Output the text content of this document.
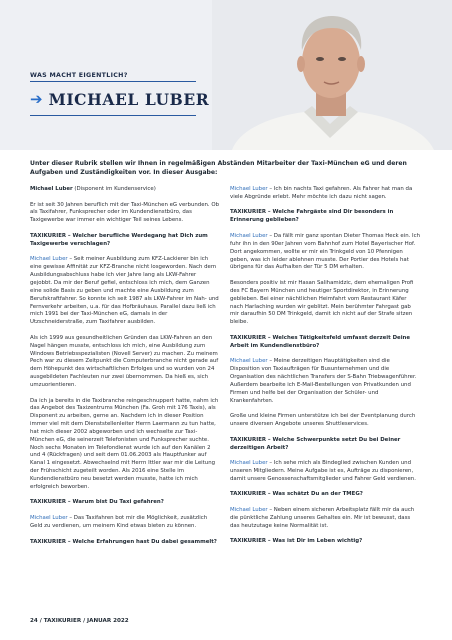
WAS MACHT EIGENTLICH?
➔ MICHAEL LUBER
Unter dieser Rubrik stellen wir Ihnen in regelmäßigen Abständen Mitarbeiter der Taxi-München eG und deren Aufgaben und Zuständigkeiten vor. In dieser Ausgabe:

Michael Luber (Disponent im Kundenservice)

Er ist seit 30 Jahren beruflich mit der Taxi-München eG verbunden. Ob als Taxifahrer, Funksprecher oder im Kundendienstbüro, das Taxigewerbe war immer ein wichtiger Teil seines Lebens.

TAXIKURIER – Welcher berufliche Werdegang hat Dich zum Taxigewerbe verschlagen?

Michael Luber – Seit meiner Ausbildung zum KFZ-Lackierer bin ich eine gewisse Affinität zur KFZ-Branche nicht losgeworden. Nach dem Ausbildungsabschluss habe ich vier Jahre lang als LKW-Fahrer gejobbt. Da mir der Beruf gefiel, entschloss ich mich, dem Ganzen eine solide Basis zu geben und machte eine Ausbildung zum Berufskraftfahrer. So konnte ich seit 1987 als LKW-Fahrer im Nah- und Fernverkehr arbeiten, u.a. für das Hofbräuhaus. Parallel dazu ließ ich mich 1991 bei der Taxi-München eG, damals in der Utzschneiderstraße, zum Taxifahrer ausbilden.

Als ich 1999 aus gesundheitlichen Gründen das LKW-Fahren an den Nagel hängen musste, entschloss ich mich, eine Ausbildung zum Windows Betriebsspezialisten (Novell Server) zu machen. Zu meinem Pech war zu diesem Zeitpunkt die Computerbranche nicht gerade auf dem Höhepunkt des wirtschaftlichen Erfolges und so wurden von 24 ausgebildeten Fachleuten nur zwei übernommen. Da hieß es, sich umzuorientieren.

Da ich ja bereits in die Taxibranche reingeschnuppert hatte, nahm ich das Angebot des Taxizentrums München (Fa. Groh mit 176 Taxis), als Disponent zu arbeiten, gerne an. Nachdem ich in dieser Position immer viel mit dem Dienststellenleiter Herrn Laermann zu tun hatte, hat mich dieser 2002 abgeworben und ich wechselte zur Taxi-München eG, die seinerzeit Telefonisten und Funksprecher suchte. Noch sechs Monaten im Telefondienst wurde ich auf den Kanälen 2 und 4 (Rückfragen) und seit dem 01.06.2003 als Hauptfunker auf Kanal 1 eingesetzt. Abwechselnd mit Herrn Ittler war mir die Leitung der Frühschicht zugeteilt worden. Als 2016 eine Stelle im Kundendienstbüro neu besetzt werden musste, hatte ich mich erfolgreich beworben.

TAXIKURIER – Warum bist Du Taxi gefahren?

Michael Luber – Das Taxifahren bot mir die Möglichkeit, zusätzlich Geld zu verdienen, um meinem Kind etwas bieten zu können.

TAXIKURIER – Welche Erfahrungen hast Du dabei gesammelt?

Michael Luber – Ich bin nachts Taxi gefahren. Als Fahrer hat man da viele Abgründe erlebt. Mehr möchte ich dazu nicht sagen.

TAXIKURIER – Welche Fahrgäste sind Dir besonders in Erinnerung geblieben?

Michael Luber – Da fällt mir ganz spontan Dieter Thomas Heck ein. Ich fuhr ihn in den 90er Jahren vom Bahnhof zum Hotel Bayerischer Hof. Dort angekommen, wollte er mir ein Trinkgeld von 10 Pfennigen geben, was ich leider ablehnen musste. Der Portier des Hotels hat übrigens für das Aufhalten der Tür 5 DM erhalten.

Besonders positiv ist mir Hasan Salihamidzic, dem ehemaligen Profi des FC Bayern München und heutiger Sportdirektor, in Erinnerung geblieben. Bei einer nächtlichen Heimfahrt vom Restaurant Käfer nach Harlaching wurden wir geblitzt. Mein berühmter Fahrgast gab mir daraufhin 50 DM Trinkgeld, damit ich nicht auf der Strafe sitzen bleibe.

TAXIKURIER – Welches Tätigkeitsfeld umfasst derzeit Deine Arbeit im Kundendienstbüro?

Michael Luber – Meine derzeitigen Hauptätigkeiten sind die Disposition von Taxiaufträgen für Busunternehmen und die Organisation des nächtlichen Transfers der S-Bahn Triebwagenführer. Außerdem bearbeite ich E-Mail-Bestellungen von Privatkunden und Firmen und helfe bei der Organisation der Schüler- und Krankenfahrten.

Große und kleine Firmen unterstütze ich bei der Eventplanung durch unsere diversen Angebote unseres Shuttleservices.

TAXIKURIER – Welche Schwerpunkte setzt Du bei Deiner derzeitigen Arbeit?

Michael Luber – Ich sehe mich als Bindeglied zwischen Kunden und unseren Mitgliedern. Meine Aufgabe ist es, Aufträge zu disponieren, damit unsere Genossenschaftsmitglieder und Fahrer Geld verdienen.

TAXIKURIER – Was schätzt Du an der TMEG?

Michael Luber – Neben einem sicheren Arbeitsplatz fällt mir da auch die pünktliche Zahlung unseres Gehaltes ein. Mir ist bewusst, dass das heutzutage keine Normalität ist.

TAXIKURIER – Was ist Dir im Leben wichtig?

24 / TAXIKURIER / JANUAR 2022
